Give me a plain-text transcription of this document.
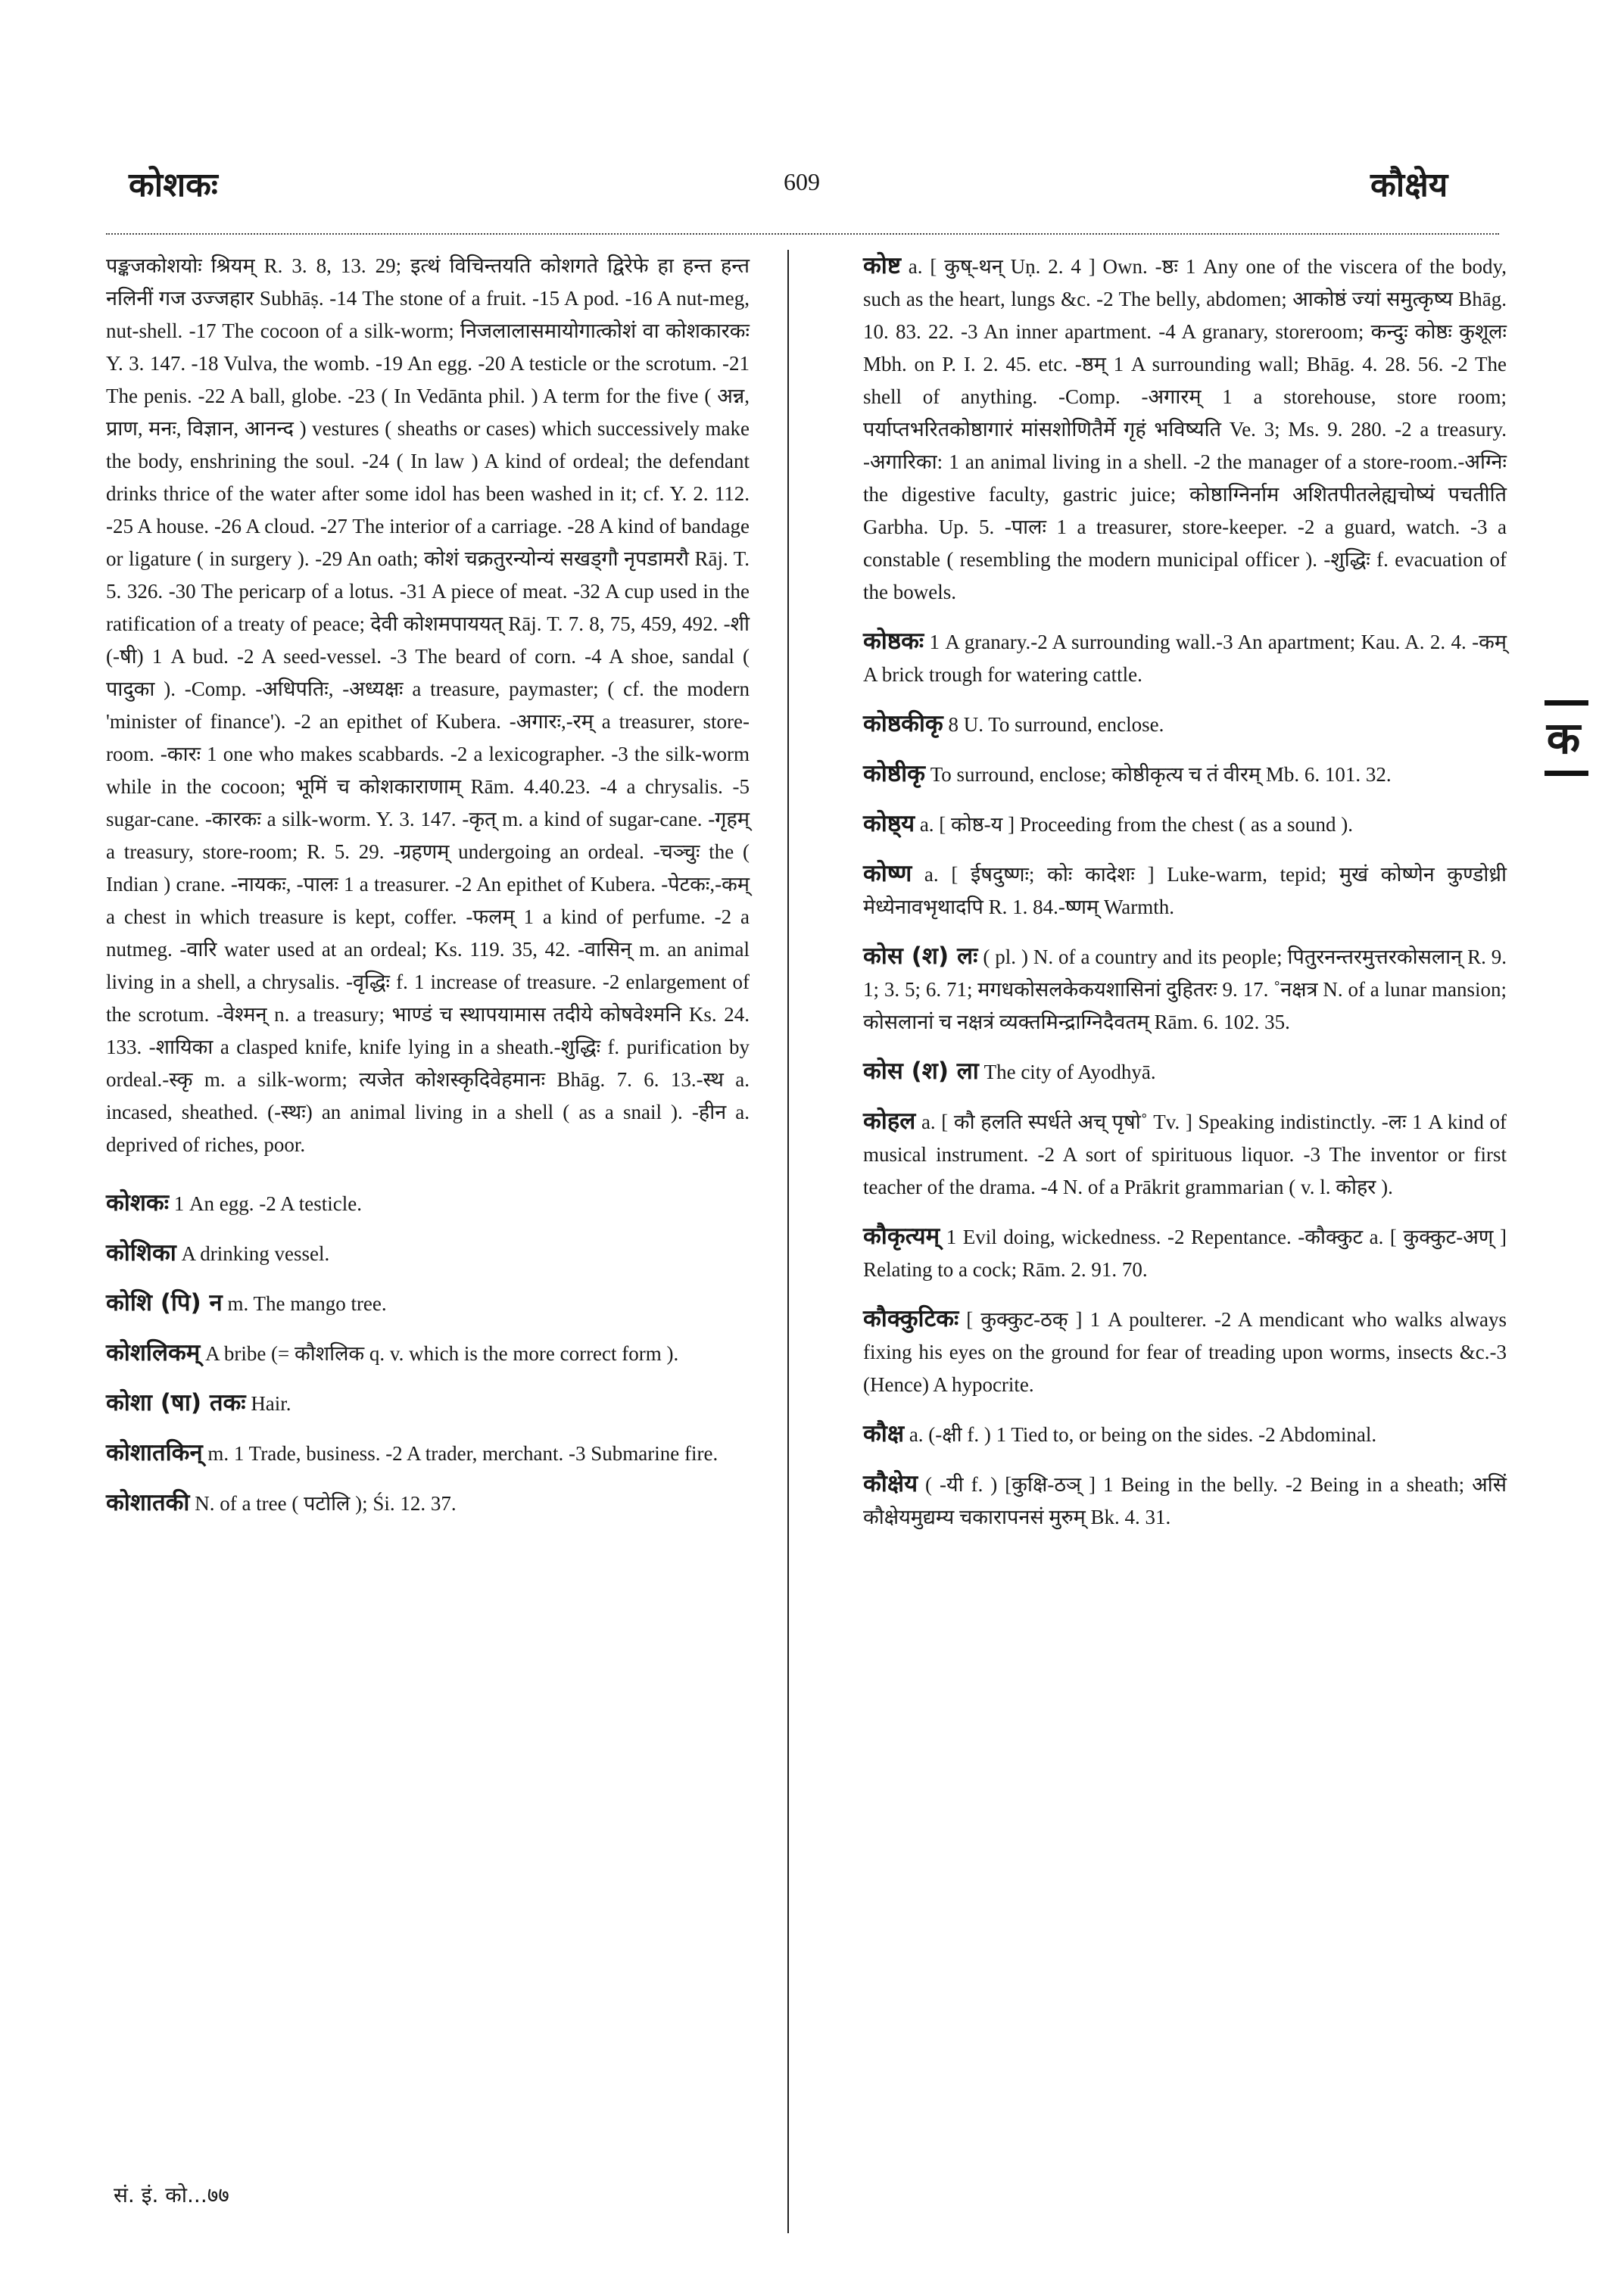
कोशकः	609	कौक्षेय

पङ्कजकोशयोः श्रियम् R. 3. 8, 13. 29; इत्थं विचिन्तयति कोशगते द्विरेफे हा हन्त हन्त नलिनीं गज उज्जहार Subhāṣ. -14 The stone of a fruit. -15 A pod. -16 A nut-meg, nut-shell. -17 The cocoon of a silk-worm; निजलालासमायोगात्कोशं वा कोशकारकः Y. 3. 147. -18 Vulva, the womb. -19 An egg. -20 A testicle or the scrotum. -21 The penis. -22 A ball, globe. -23 ( In Vedānta phil. ) A term for the five ( अन्न, प्राण, मनः, विज्ञान, आनन्द ) vestures ( sheaths or cases) which successively make the body, enshrining the soul. -24 ( In law ) A kind of ordeal; the defendant drinks thrice of the water after some idol has been washed in it; cf. Y. 2. 112. -25 A house. -26 A cloud. -27 The interior of a carriage. -28 A kind of bandage or ligature ( in surgery ). -29 An oath; कोशं चक्रतुरन्योन्यं सखड्गौ नृपडामरौ Rāj. T. 5. 326. -30 The pericarp of a lotus. -31 A piece of meat. -32 A cup used in the ratification of a treaty of peace; देवी कोशमपाययत् Rāj. T. 7. 8, 75, 459, 492. -शी (-षी) 1 A bud. -2 A seed-vessel. -3 The beard of corn. -4 A shoe, sandal ( पादुका ). -Comp. -अधिपतिः, -अध्यक्षः a treasure, paymaster; ( cf. the modern 'minister of finance'). -2 an epithet of Kubera. -अगारः,-रम् a treasurer, store-room. -कारः 1 one who makes scabbards. -2 a lexicographer. -3 the silk-worm while in the cocoon; भूमिं च कोशकाराणाम् Rām. 4.40.23. -4 a chrysalis. -5 sugar-cane. -कारकः a silk-worm. Y. 3. 147. -कृत् m. a kind of sugar-cane. -गृहम् a treasury, store-room; R. 5. 29. -ग्रहणम् undergoing an ordeal. -चञ्चुः the ( Indian ) crane. -नायकः, -पालः 1 a treasurer. -2 An epithet of Kubera. -पेटकः,-कम् a chest in which treasure is kept, coffer. -फलम् 1 a kind of perfume. -2 a nutmeg. -वारि water used at an ordeal; Ks. 119. 35, 42. -वासिन् m. an animal living in a shell, a chrysalis. -वृद्धिः f. 1 increase of treasure. -2 enlargement of the scrotum. -वेश्मन् n. a treasury; भाण्डं च स्थापयामास तदीये कोषवेश्मनि Ks. 24. 133. -शायिका a clasped knife, knife lying in a sheath.-शुद्धिः f. purification by ordeal.-स्कृ m. a silk-worm; त्यजेत कोशस्कृदिवेहमानः Bhāg. 7. 6. 13.-स्थ a. incased, sheathed. (-स्थः) an animal living in a shell ( as a snail ). -हीन a. deprived of riches, poor.

कोशकः 1 An egg. -2 A testicle.

कोशिका A drinking vessel.

कोशि (पि) न m. The mango tree.

कोशलिकम् A bribe (= कौशलिक q. v. which is the more correct form ).

कोशा (षा) तकः Hair.

कोशातकिन् m. 1 Trade, business. -2 A trader, merchant. -3 Submarine fire.

कोशातकी N. of a tree ( पटोलि ); Śi. 12. 37.

कोष्ट a. [ कुष्-थन् Uṇ. 2. 4 ] Own. -ष्ठः 1 Any one of the viscera of the body, such as the heart, lungs &c. -2 The belly, abdomen; आकोष्ठं ज्यां समुत्कृष्य Bhāg. 10. 83. 22. -3 An inner apartment. -4 A granary, storeroom; कन्दुः कोष्ठः कुशूलः Mbh. on P. I. 2. 45. etc. -ष्ठम् 1 A surrounding wall; Bhāg. 4. 28. 56. -2 The shell of anything. -Comp. -अगारम् 1 a storehouse, store room; पर्याप्तभरितकोष्ठागारं मांसशोणितैर्मे गृहं भविष्यति Ve. 3; Ms. 9. 280. -2 a treasury. -अगारिका: 1 an animal living in a shell. -2 the manager of a store-room.-अग्निः the digestive faculty, gastric juice; कोष्ठाग्निर्नाम अशितपीतलेह्यचोष्यं पचतीति Garbha. Up. 5. -पालः 1 a treasurer, store-keeper. -2 a guard, watch. -3 a constable ( resembling the modern municipal officer ). -शुद्धिः f. evacuation of the bowels.

कोष्ठकः 1 A granary.-2 A surrounding wall.-3 An apartment; Kau. A. 2. 4. -कम् A brick trough for watering cattle.

कोष्ठकीकृ 8 U. To surround, enclose.

कोष्ठीकृ To surround, enclose; कोष्ठीकृत्य च तं वीरम् Mb. 6. 101. 32.

कोष्ठ्य a. [ कोष्ठ-य ] Proceeding from the chest ( as a sound ).

कोष्ण a. [ ईषदुष्णः; कोः कादेशः ] Luke-warm, tepid; मुखं कोष्णेन कुण्डोध्री मेध्येनावभृथादपि R. 1. 84.-ष्णम् Warmth.

कोस (श) लः ( pl. ) N. of a country and its people; पितुरनन्तरमुत्तरकोसलान् R. 9. 1; 3. 5; 6. 71; मगधकोसलकेकयशासिनां दुहितरः 9. 17. ˚नक्षत्र N. of a lunar mansion; कोसलानां च नक्षत्रं व्यक्तमिन्द्राग्निदैवतम् Rām. 6. 102. 35.

कोस (श) ला The city of Ayodhyā.

कोहल a. [ कौ हलति स्पर्धते अच् पृषो˚ Tv. ] Speaking indistinctly. -लः 1 A kind of musical instrument. -2 A sort of spirituous liquor. -3 The inventor or first teacher of the drama. -4 N. of a Prākrit grammarian ( v. l. कोहर ).

कौकृत्यम् 1 Evil doing, wickedness. -2 Repentance. -कौक्कुट a. [ कुक्कुट-अण् ] Relating to a cock; Rām. 2. 91. 70.

कौक्कुटिकः [ कुक्कुट-ठक् ] 1 A poulterer. -2 A mendicant who walks always fixing his eyes on the ground for fear of treading upon worms, insects &c.-3 (Hence) A hypocrite.

कौक्ष a. (-क्षी f. ) 1 Tied to, or being on the sides. -2 Abdominal.

कौक्षेय ( -यी f. ) [कुक्षि-ठञ् ] 1 Being in the belly. -2 Being in a sheath; असिं कौक्षेयमुद्यम्य चकारापनसं मुरुम् Bk. 4. 31.

क
सं. इं. को...७७
